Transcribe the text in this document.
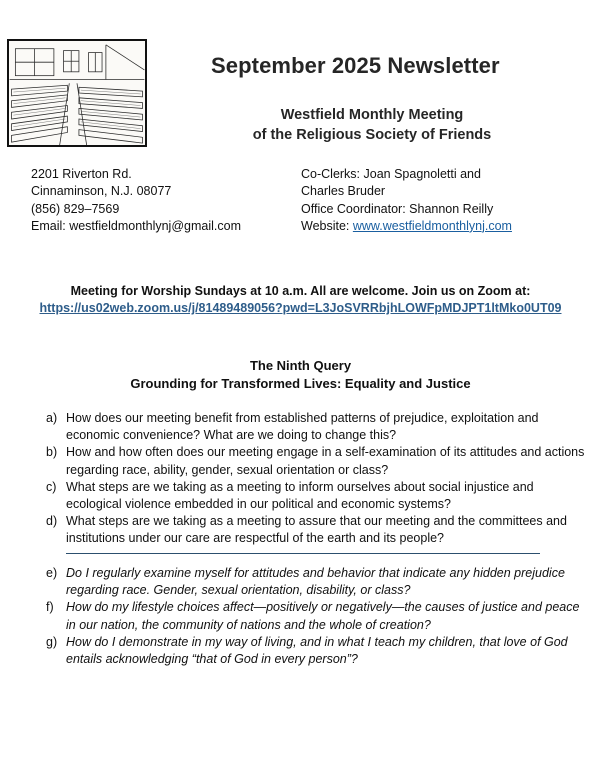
September 2025 Newsletter
Westfield Monthly Meeting
of the Religious Society of Friends
2201 Riverton Rd.
Cinnaminson, N.J. 08077
(856) 829–7569
Email: westfieldmonthlynj@gmail.com
Co-Clerks: Joan Spagnoletti and
Charles Bruder
Office Coordinator: Shannon Reilly
Website: www.westfieldmonthlynj.com
Meeting for Worship Sundays at 10 a.m. All are welcome. Join us on Zoom at:
https://us02web.zoom.us/j/81489489056?pwd=L3JoSVRRbjhLOWFpMDJPT1ltMko0UT09
The Ninth Query
Grounding for Transformed Lives: Equality and Justice
a) How does our meeting benefit from established patterns of prejudice, exploitation and economic convenience? What are we doing to change this?
b) How and how often does our meeting engage in a self-examination of its attitudes and actions regarding race, ability, gender, sexual orientation or class?
c) What steps are we taking as a meeting to inform ourselves about social injustice and ecological violence embedded in our political and economic systems?
d) What steps are we taking as a meeting to assure that our meeting and the committees and institutions under our care are respectful of the earth and its people?
e) Do I regularly examine myself for attitudes and behavior that indicate any hidden prejudice regarding race. Gender, sexual orientation, disability, or class?
f) How do my lifestyle choices affect—positively or negatively—the causes of justice and peace in our nation, the community of nations and the whole of creation?
g) How do I demonstrate in my way of living, and in what I teach my children, that love of God entails acknowledging “that of God in every person”?
